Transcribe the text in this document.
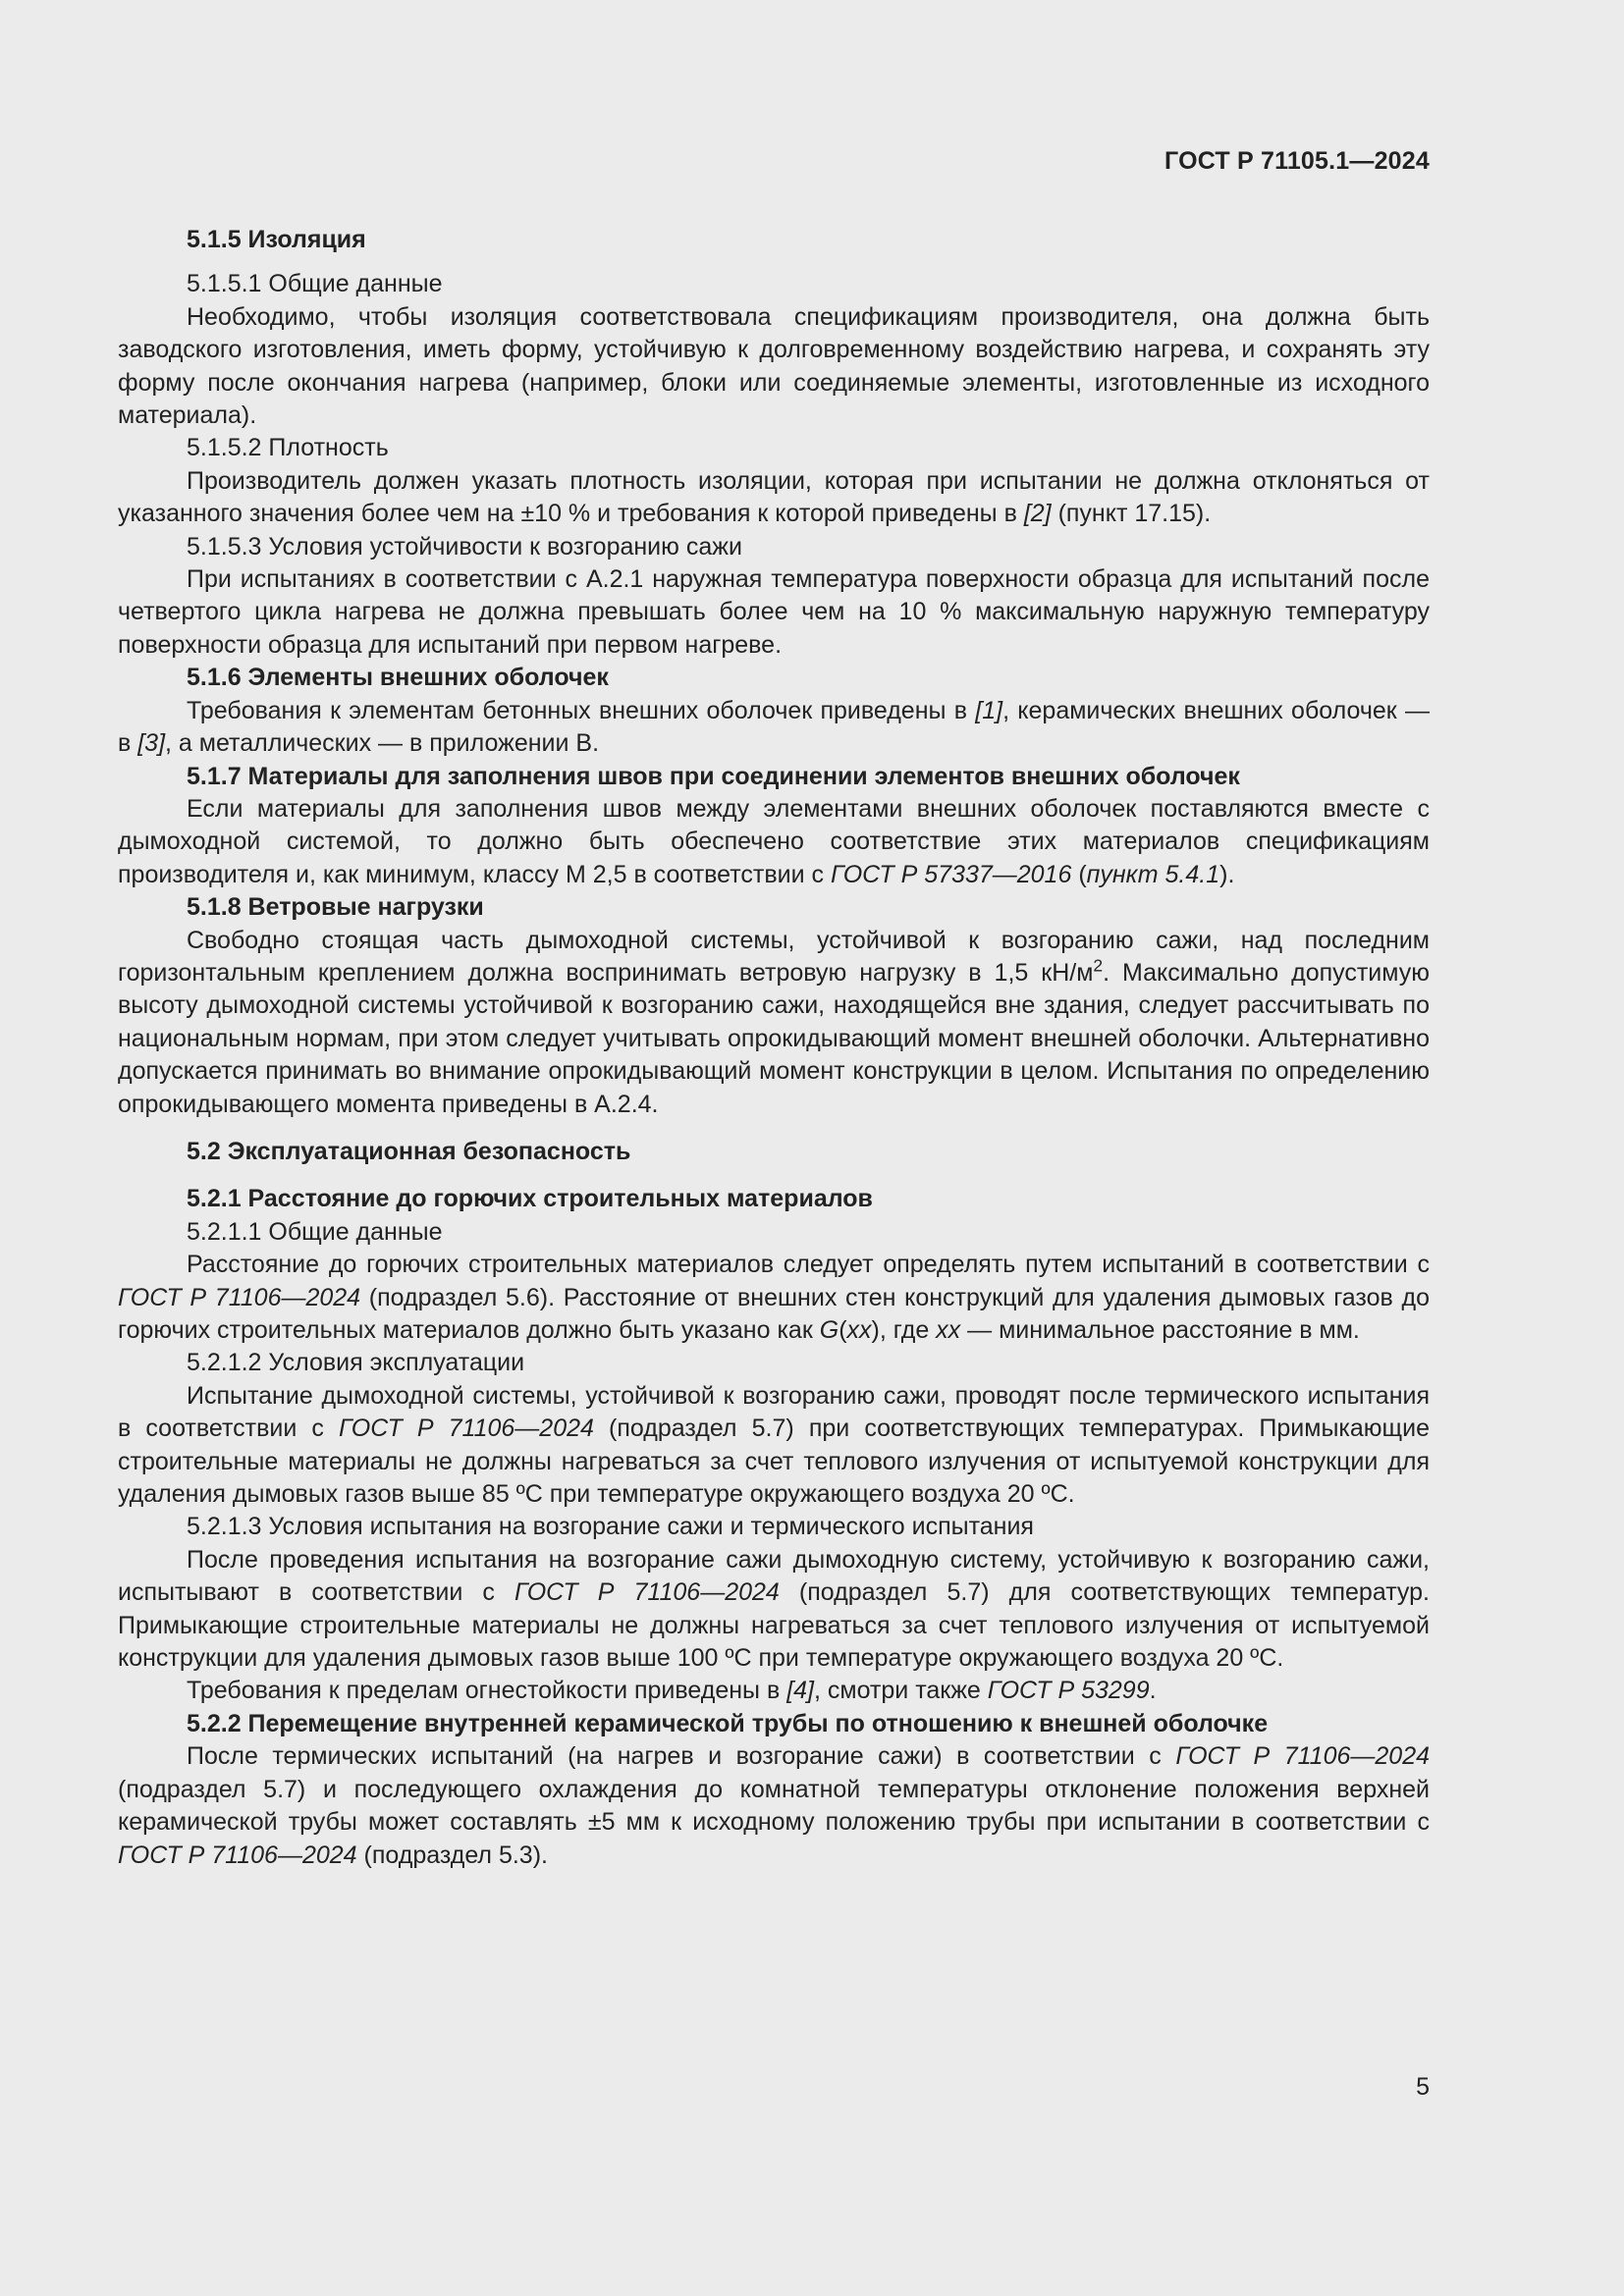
ГОСТ Р 71105.1—2024

5.1.5 Изоляция

5.1.5.1 Общие данные

Необходимо, чтобы изоляция соответствовала спецификациям производителя, она должна быть заводского изготовления, иметь форму, устойчивую к долговременному воздействию нагрева, и сохранять эту форму после окончания нагрева (например, блоки или соединяемые элементы, изготовленные из исходного материала).

5.1.5.2 Плотность

Производитель должен указать плотность изоляции, которая при испытании не должна отклоняться от указанного значения более чем на ±10 % и требования к которой приведены в [2] (пункт 17.15).

5.1.5.3 Условия устойчивости к возгоранию сажи

При испытаниях в соответствии с А.2.1 наружная температура поверхности образца для испытаний после четвертого цикла нагрева не должна превышать более чем на 10 % максимальную наружную температуру поверхности образца для испытаний при первом нагреве.

5.1.6 Элементы внешних оболочек

Требования к элементам бетонных внешних оболочек приведены в [1], керамических внешних оболочек — в [3], а металлических — в приложении В.

5.1.7 Материалы для заполнения швов при соединении элементов внешних оболочек

Если материалы для заполнения швов между элементами внешних оболочек поставляются вместе с дымоходной системой, то должно быть обеспечено соответствие этих материалов спецификациям производителя и, как минимум, классу М 2,5 в соответствии с ГОСТ Р 57337—2016 (пункт 5.4.1).

5.1.8 Ветровые нагрузки

Свободно стоящая часть дымоходной системы, устойчивой к возгоранию сажи, над последним горизонтальным креплением должна воспринимать ветровую нагрузку в 1,5 $кН/м^2$. Максимально допустимую высоту дымоходной системы устойчивой к возгоранию сажи, находящейся вне здания, следует рассчитывать по национальным нормам, при этом следует учитывать опрокидывающий момент внешней оболочки. Альтернативно допускается принимать во внимание опрокидывающий момент конструкции в целом. Испытания по определению опрокидывающего момента приведены в А.2.4.

5.2 Эксплуатационная безопасность

5.2.1 Расстояние до горючих строительных материалов

5.2.1.1 Общие данные

Расстояние до горючих строительных материалов следует определять путем испытаний в соответствии с ГОСТ Р 71106—2024 (подраздел 5.6). Расстояние от внешних стен конструкций для удаления дымовых газов до горючих строительных материалов должно быть указано как G(xx), где xx — минимальное расстояние в мм.

5.2.1.2 Условия эксплуатации

Испытание дымоходной системы, устойчивой к возгоранию сажи, проводят после термического испытания в соответствии с ГОСТ Р 71106—2024 (подраздел 5.7) при соответствующих температурах. Примыкающие строительные материалы не должны нагреваться за счет теплового излучения от испытуемой конструкции для удаления дымовых газов выше 85 ºС при температуре окружающего воздуха 20 ºС.

5.2.1.3 Условия испытания на возгорание сажи и термического испытания

После проведения испытания на возгорание сажи дымоходную систему, устойчивую к возгоранию сажи, испытывают в соответствии с ГОСТ Р 71106—2024 (подраздел 5.7) для соответствующих температур. Примыкающие строительные материалы не должны нагреваться за счет теплового излучения от испытуемой конструкции для удаления дымовых газов выше 100 ºС при температуре окружающего воздуха 20 ºС.

Требования к пределам огнестойкости приведены в [4], смотри также ГОСТ Р 53299.

5.2.2 Перемещение внутренней керамической трубы по отношению к внешней оболочке

После термических испытаний (на нагрев и возгорание сажи) в соответствии с ГОСТ Р 71106—2024 (подраздел 5.7) и последующего охлаждения до комнатной температуры отклонение положения верхней керамической трубы может составлять ±5 мм к исходному положению трубы при испытании в соответствии с ГОСТ Р 71106—2024 (подраздел 5.3).

5
